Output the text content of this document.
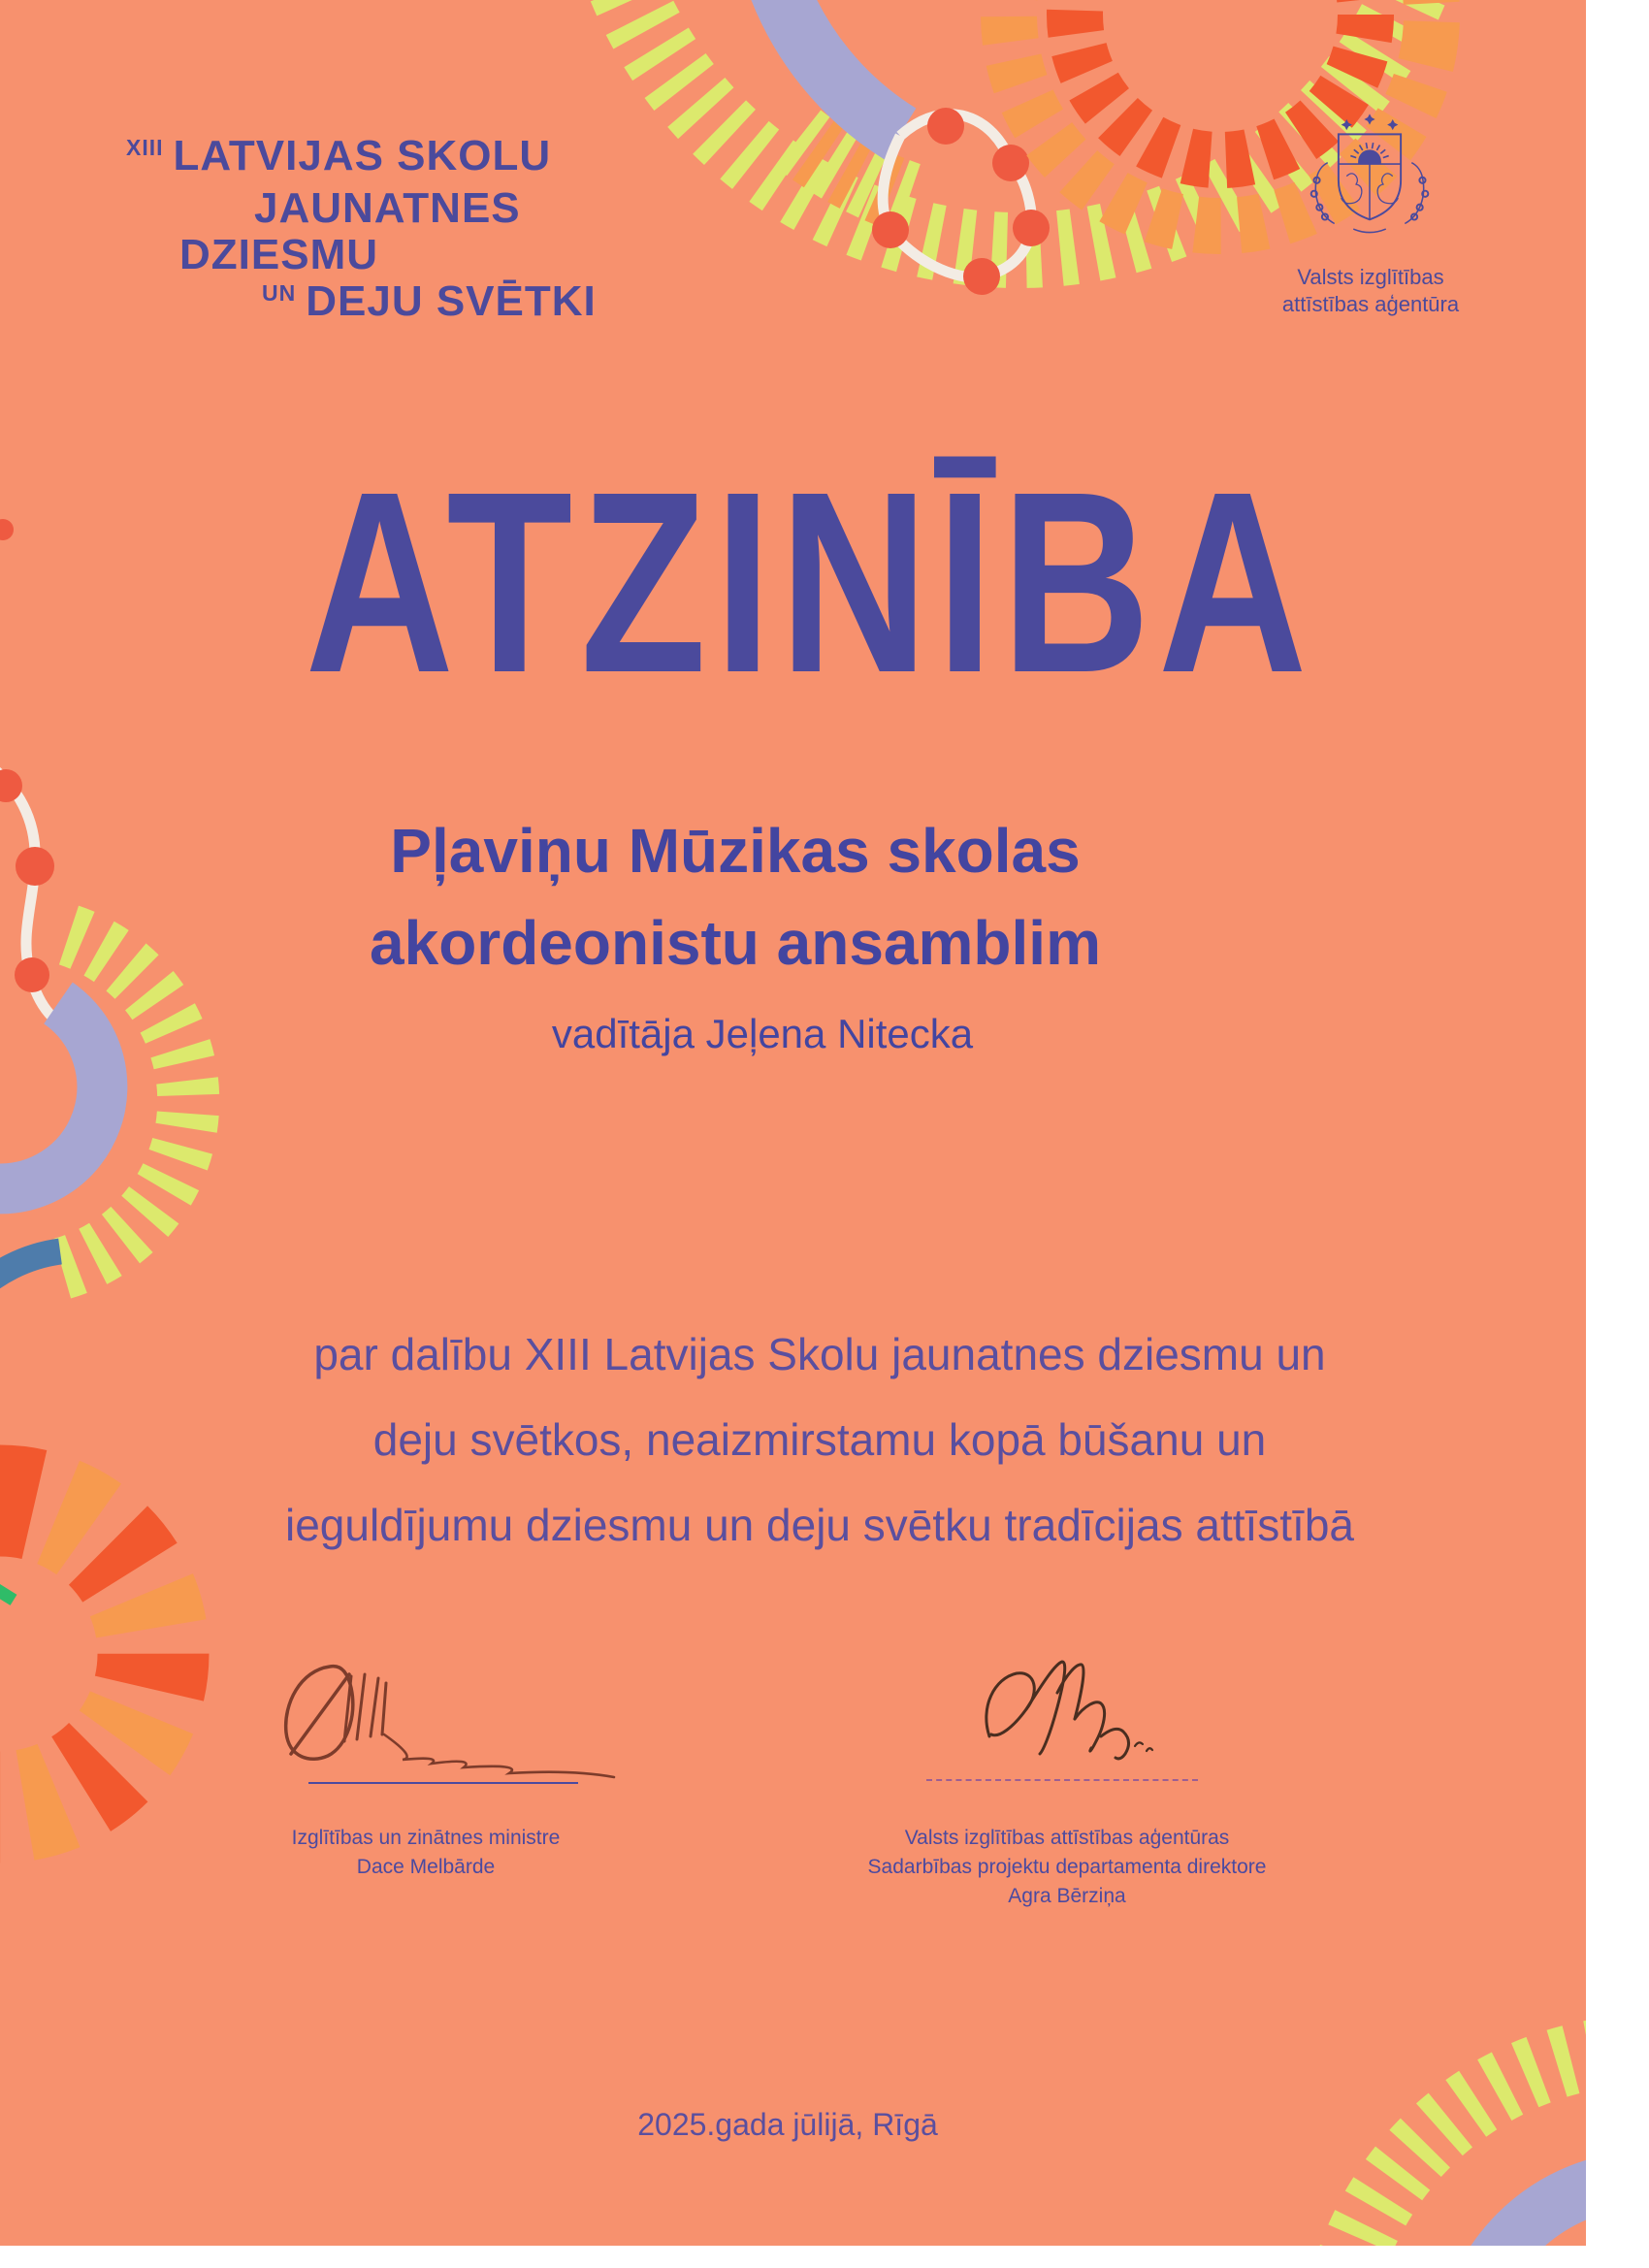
$^{XIII}$ LATVIJAS SKOLU
JAUNATNES
DZIESMU
$^{UN}$ DEJU SVĒTKI
Valsts izglītības
attīstības aģentūra
ATZINĪBA
Pļaviņu Mūzikas skolas
akordeonistu ansamblim
vadītāja Jeļena Nitecka
par dalību XIII Latvijas Skolu jaunatnes dziesmu un
deju svētkos, neaizmirstamu kopā būšanu un
ieguldījumu dziesmu un deju svētku tradīcijas attīstībā
Izglītības un zinātnes ministre
Dace Melbārde
Valsts izglītības attīstības aģentūras
Sadarbības projektu departamenta direktore
Agra Bērziņa
2025.gada jūlijā, Rīgā
